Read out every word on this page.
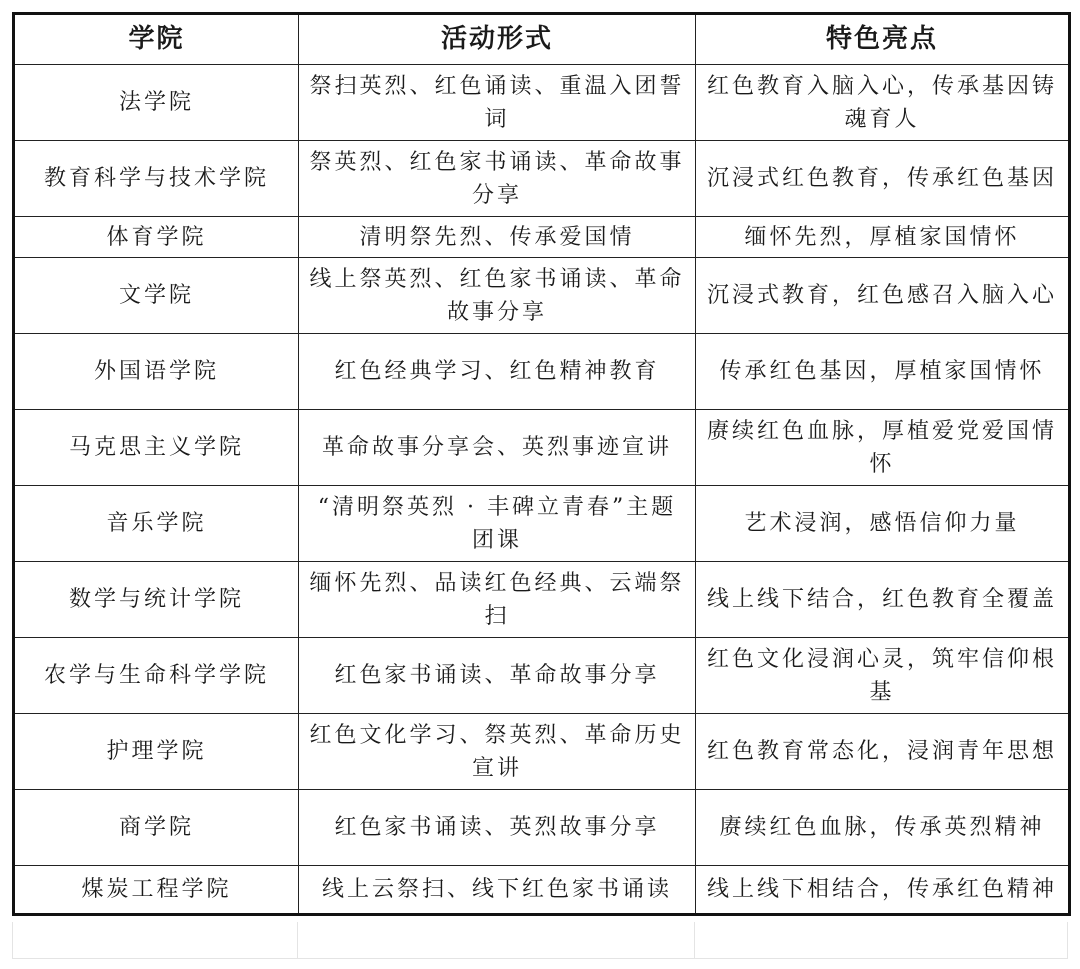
学院	活动形式	特色亮点
法学院	祭扫英烈、红色诵读、重温入团誓词	红色教育入脑入心，传承基因铸魂育人
教育科学与技术学院	祭英烈、红色家书诵读、革命故事分享	沉浸式红色教育，传承红色基因
体育学院	清明祭先烈、传承爱国情	缅怀先烈，厚植家国情怀
文学院	线上祭英烈、红色家书诵读、革命故事分享	沉浸式教育，红色感召入脑入心
外国语学院	红色经典学习、红色精神教育	传承红色基因，厚植家国情怀
马克思主义学院	革命故事分享会、英烈事迹宣讲	赓续红色血脉，厚植爱党爱国情怀
音乐学院	“清明祭英烈 · 丰碑立青春”主题团课	艺术浸润，感悟信仰力量
数学与统计学院	缅怀先烈、品读红色经典、云端祭扫	线上线下结合，红色教育全覆盖
农学与生命科学学院	红色家书诵读、革命故事分享	红色文化浸润心灵，筑牢信仰根基
护理学院	红色文化学习、祭英烈、革命历史宣讲	红色教育常态化，浸润青年思想
商学院	红色家书诵读、英烈故事分享	赓续红色血脉，传承英烈精神
煤炭工程学院	线上云祭扫、线下红色家书诵读	线上线下相结合，传承红色精神
